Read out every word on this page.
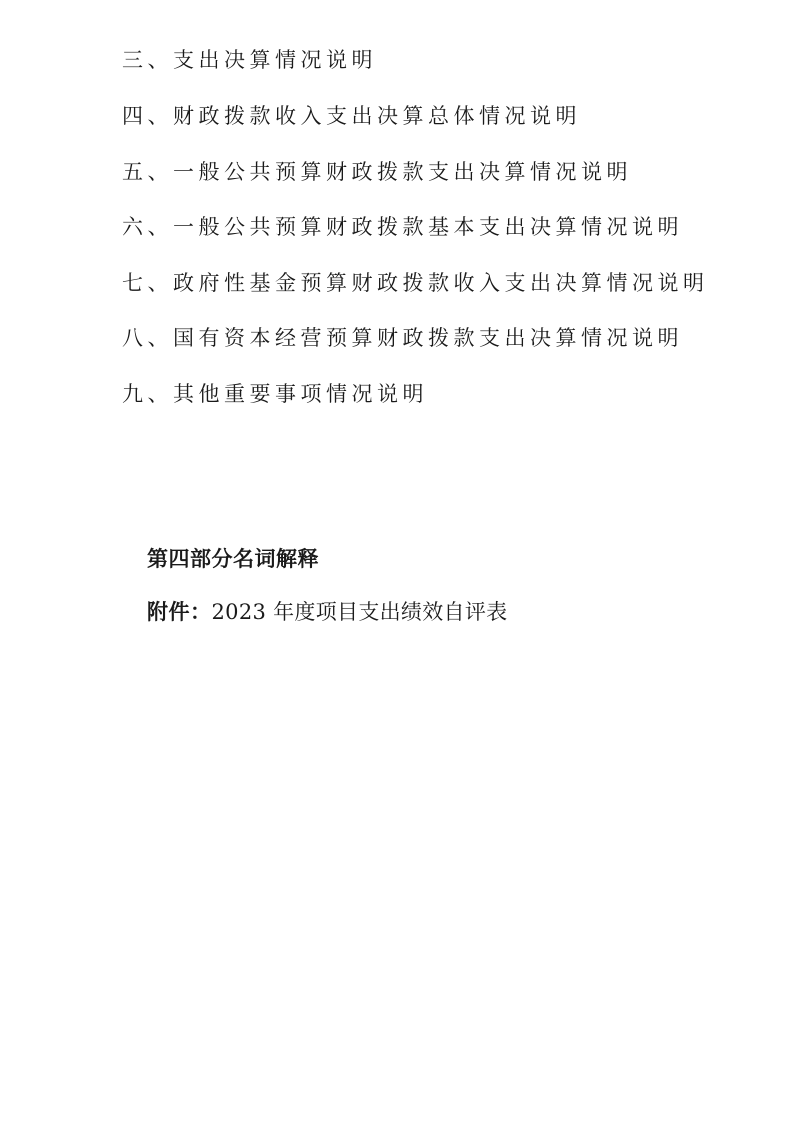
三、支出决算情况说明
四、财政拨款收入支出决算总体情况说明
五、一般公共预算财政拨款支出决算情况说明
六、一般公共预算财政拨款基本支出决算情况说明
七、政府性基金预算财政拨款收入支出决算情况说明
八、国有资本经营预算财政拨款支出决算情况说明
九、其他重要事项情况说明
第四部分名词解释
附件：2023 年度项目支出绩效自评表
